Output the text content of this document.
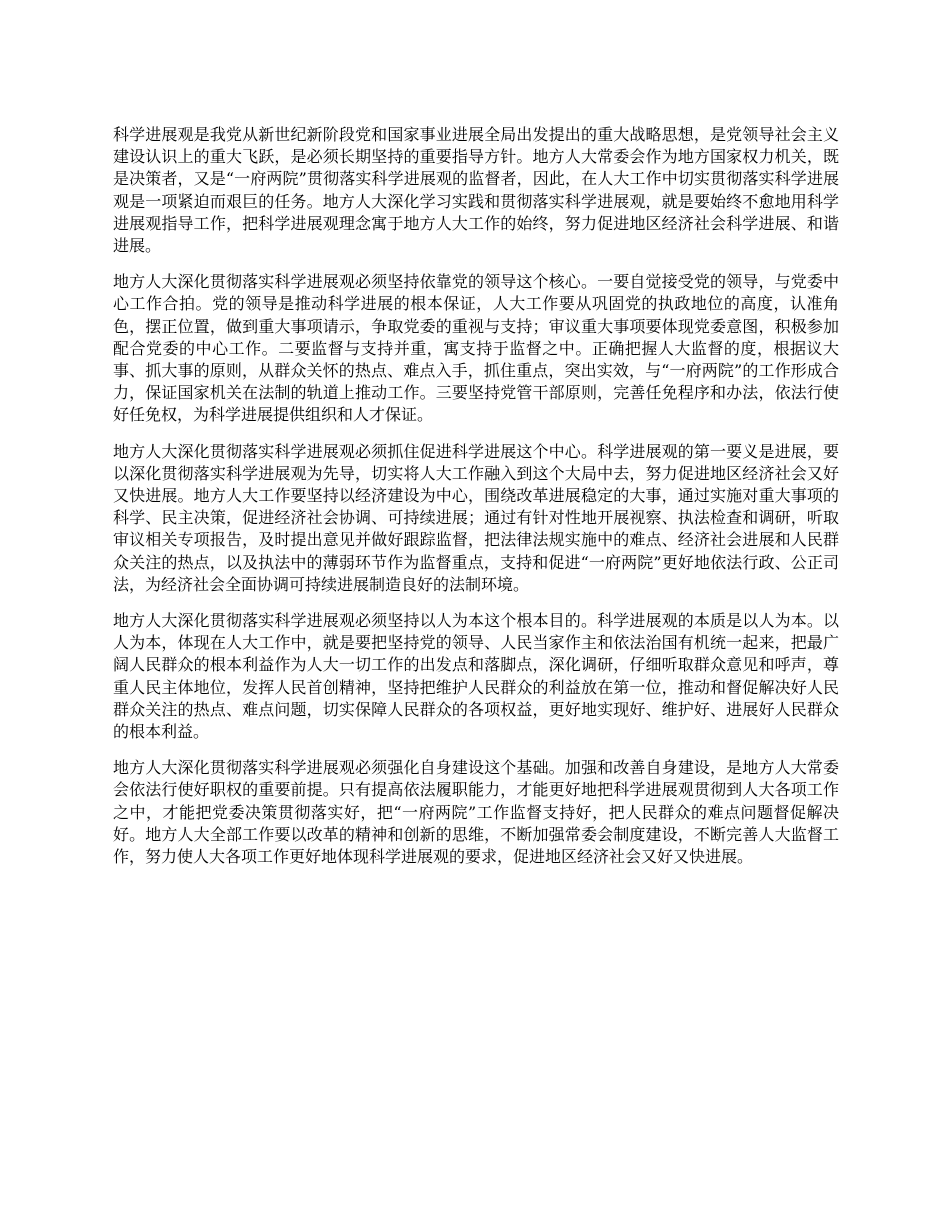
科学进展观是我党从新世纪新阶段党和国家事业进展全局出发提出的重大战略思想，是党领导社会主义建设认识上的重大飞跃，是必须长期坚持的重要指导方针。地方人大常委会作为地方国家权力机关，既是决策者，又是“一府两院”贯彻落实科学进展观的监督者，因此，在人大工作中切实贯彻落实科学进展观是一项紧迫而艰巨的任务。地方人大深化学习实践和贯彻落实科学进展观，就是要始终不愈地用科学进展观指导工作，把科学进展观理念寓于地方人大工作的始终，努力促进地区经济社会科学进展、和谐进展。

地方人大深化贯彻落实科学进展观必须坚持依靠党的领导这个核心。一要自觉接受党的领导，与党委中心工作合拍。党的领导是推动科学进展的根本保证，人大工作要从巩固党的执政地位的高度，认准角色，摆正位置，做到重大事项请示，争取党委的重视与支持；审议重大事项要体现党委意图，积极参加配合党委的中心工作。二要监督与支持并重，寓支持于监督之中。正确把握人大监督的度，根据议大事、抓大事的原则，从群众关怀的热点、难点入手，抓住重点，突出实效，与“一府两院”的工作形成合力，保证国家机关在法制的轨道上推动工作。三要坚持党管干部原则，完善任免程序和办法，依法行使好任免权，为科学进展提供组织和人才保证。

地方人大深化贯彻落实科学进展观必须抓住促进科学进展这个中心。科学进展观的第一要义是进展，要以深化贯彻落实科学进展观为先导，切实将人大工作融入到这个大局中去，努力促进地区经济社会又好又快进展。地方人大工作要坚持以经济建设为中心，围绕改革进展稳定的大事，通过实施对重大事项的科学、民主决策，促进经济社会协调、可持续进展；通过有针对性地开展视察、执法检查和调研，听取审议相关专项报告，及时提出意见并做好跟踪监督，把法律法规实施中的难点、经济社会进展和人民群众关注的热点，以及执法中的薄弱环节作为监督重点，支持和促进“一府两院”更好地依法行政、公正司法，为经济社会全面协调可持续进展制造良好的法制环境。

地方人大深化贯彻落实科学进展观必须坚持以人为本这个根本目的。科学进展观的本质是以人为本。以人为本，体现在人大工作中，就是要把坚持党的领导、人民当家作主和依法治国有机统一起来，把最广阔人民群众的根本利益作为人大一切工作的出发点和落脚点，深化调研，仔细听取群众意见和呼声，尊重人民主体地位，发挥人民首创精神，坚持把维护人民群众的利益放在第一位，推动和督促解决好人民群众关注的热点、难点问题，切实保障人民群众的各项权益，更好地实现好、维护好、进展好人民群众的根本利益。

地方人大深化贯彻落实科学进展观必须强化自身建设这个基础。加强和改善自身建设，是地方人大常委会依法行使好职权的重要前提。只有提高依法履职能力，才能更好地把科学进展观贯彻到人大各项工作之中，才能把党委决策贯彻落实好，把“一府两院”工作监督支持好，把人民群众的难点问题督促解决好。地方人大全部工作要以改革的精神和创新的思维，不断加强常委会制度建设，不断完善人大监督工作，努力使人大各项工作更好地体现科学进展观的要求，促进地区经济社会又好又快进展。
